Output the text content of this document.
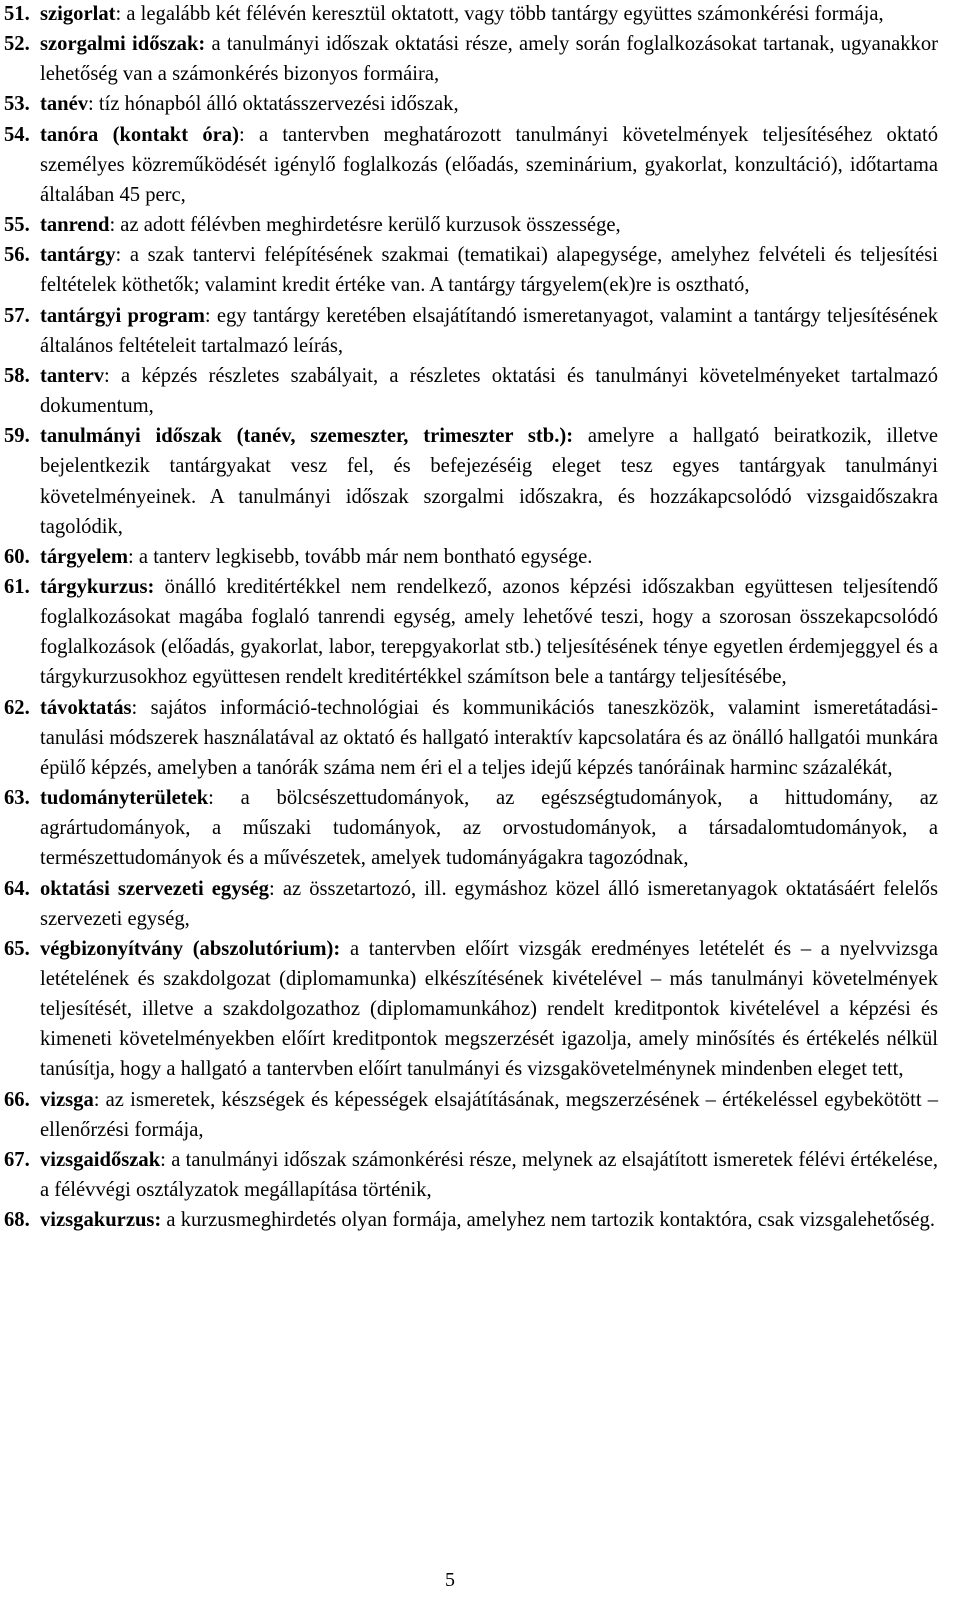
51. szigorlat: a legalább két félévén keresztül oktatott, vagy több tantárgy együttes számonkérési formája,
52. szorgalmi időszak: a tanulmányi időszak oktatási része, amely során foglalkozásokat tartanak, ugyanakkor lehetőség van a számonkérés bizonyos formáira,
53. tanév: tíz hónapból álló oktatásszervezési időszak,
54. tanóra (kontakt óra): a tantervben meghatározott tanulmányi követelmények teljesítéséhez oktató személyes közreműködését igénylő foglalkozás (előadás, szeminárium, gyakorlat, konzultáció), időtartama általában 45 perc,
55. tanrend: az adott félévben meghirdetésre kerülő kurzusok összessége,
56. tantárgy: a szak tantervi felépítésének szakmai (tematikai) alapegysége, amelyhez felvételi és teljesítési feltételek köthetők; valamint kredit értéke van. A tantárgy tárgyelem(ek)re is osztható,
57. tantárgyi program: egy tantárgy keretében elsajátítandó ismeretanyagot, valamint a tantárgy teljesítésének általános feltételeit tartalmazó leírás,
58. tanterv: a képzés részletes szabályait, a részletes oktatási és tanulmányi követelményeket tartalmazó dokumentum,
59. tanulmányi időszak (tanév, szemeszter, trimeszter stb.): amelyre a hallgató beiratkozik, illetve bejelentkezik tantárgyakat vesz fel, és befejezéséig eleget tesz egyes tantárgyak tanulmányi követelményeinek. A tanulmányi időszak szorgalmi időszakra, és hozzákapcsolódó vizsgaidőszakra tagolódik,
60. tárgyelem: a tanterv legkisebb, tovább már nem bontható egysége.
61. tárgykurzus: önálló kreditértékkel nem rendelkező, azonos képzési időszakban együttesen teljesítendő foglalkozásokat magába foglaló tanrendi egység, amely lehetővé teszi, hogy a szorosan összekapcsolódó foglalkozások (előadás, gyakorlat, labor, terepgyakorlat stb.) teljesítésének ténye egyetlen érdemjeggyel és a tárgykurzusokhoz együttesen rendelt kreditértékkel számítson bele a tantárgy teljesítésébe,
62. távoktatás: sajátos információ-technológiai és kommunikációs taneszközök, valamint ismeretátadási-tanulási módszerek használatával az oktató és hallgató interaktív kapcsolatára és az önálló hallgatói munkára épülő képzés, amelyben a tanórák száma nem éri el a teljes idejű képzés tanóráinak harminc százalékát,
63. tudományterületek: a bölcsészettudományok, az egészségtudományok, a hittudomány, az agrártudományok, a műszaki tudományok, az orvostudományok, a társadalomtudományok, a természettudományok és a művészetek, amelyek tudományágakra tagozódnak,
64. oktatási szervezeti egység: az összetartozó, ill. egymáshoz közel álló ismeretanyagok oktatásáért felelős szervezeti egység,
65. végbizonyítvány (abszolutórium): a tantervben előírt vizsgák eredményes letételét és – a nyelvvizsga letételének és szakdolgozat (diplomamunka) elkészítésének kivételével – más tanulmányi követelmények teljesítését, illetve a szakdolgozathoz (diplomamunkához) rendelt kreditpontok kivételével a képzési és kimeneti követelményekben előírt kreditpontok megszerzését igazolja, amely minősítés és értékelés nélkül tanúsítja, hogy a hallgató a tantervben előírt tanulmányi és vizsgakövetelménynek mindenben eleget tett,
66. vizsga: az ismeretek, készségek és képességek elsajátításának, megszerzésének – értékeléssel egybekötött – ellenőrzési formája,
67. vizsgaidőszak: a tanulmányi időszak számonkérési része, melynek az elsajátított ismeretek félévi értékelése, a félévvégi osztályzatok megállapítása történik,
68. vizsgakurzus: a kurzusmeghirdetés olyan formája, amelyhez nem tartozik kontaktóra, csak vizsgalehetőség.
5
